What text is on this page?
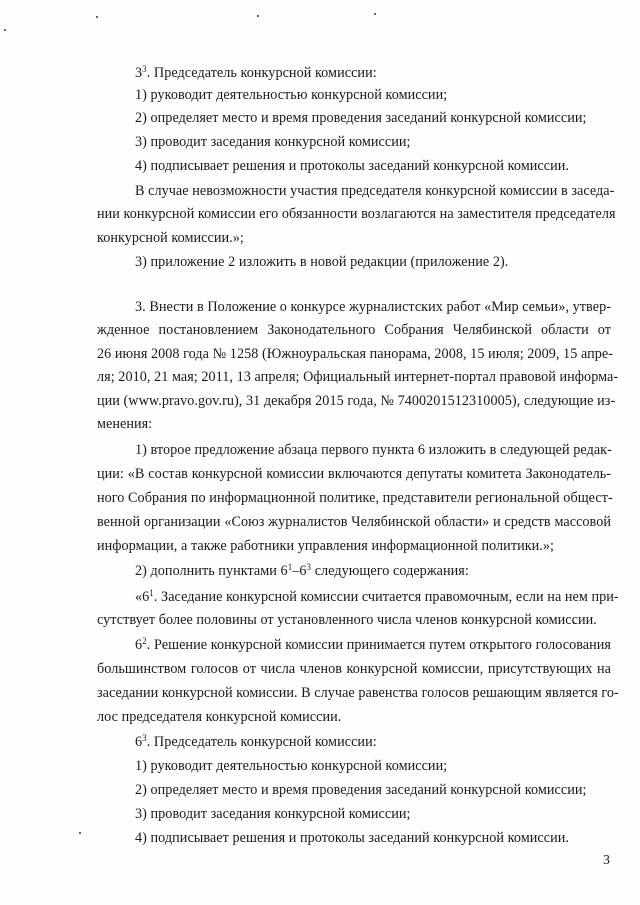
$3^3$. Председатель конкурсной комиссии:
1) руководит деятельностью конкурсной комиссии;
2) определяет место и время проведения заседаний конкурсной комиссии;
3) проводит заседания конкурсной комиссии;
4) подписывает решения и протоколы заседаний конкурсной комиссии.
В случае невозможности участия председателя конкурсной комиссии в заседа-
нии конкурсной комиссии его обязанности возлагаются на заместителя председателя
конкурсной комиссии.»;
3) приложение 2 изложить в новой редакции (приложение 2).
3. Внести в Положение о конкурсе журналистских работ «Мир семьи», утвер-
жденное постановлением Законодательного Собрания Челябинской области от
26 июня 2008 года № 1258 (Южноуральская панорама, 2008, 15 июля; 2009, 15 апре-
ля; 2010, 21 мая; 2011, 13 апреля; Официальный интернет-портал правовой информа-
ции (www.pravo.gov.ru), 31 декабря 2015 года, № 7400201512310005), следующие из-
менения:
1) второе предложение абзаца первого пункта 6 изложить в следующей редак-
ции: «В состав конкурсной комиссии включаются депутаты комитета Законодатель-
ного Собрания по информационной политике, представители региональной общест-
венной организации «Союз журналистов Челябинской области» и средств массовой
информации, а также работники управления информационной политики.»;
2) дополнить пунктами $6^1-6^3$ следующего содержания:
«$6^1$. Заседание конкурсной комиссии считается правомочным, если на нем при-
сутствует более половины от установленного числа членов конкурсной комиссии.
$6^2$. Решение конкурсной комиссии принимается путем открытого голосования
большинством голосов от числа членов конкурсной комиссии, присутствующих на
заседании конкурсной комиссии. В случае равенства голосов решающим является го-
лос председателя конкурсной комиссии.
$6^3$. Председатель конкурсной комиссии:
1) руководит деятельностью конкурсной комиссии;
2) определяет место и время проведения заседаний конкурсной комиссии;
3) проводит заседания конкурсной комиссии;
4) подписывает решения и протоколы заседаний конкурсной комиссии.
3
